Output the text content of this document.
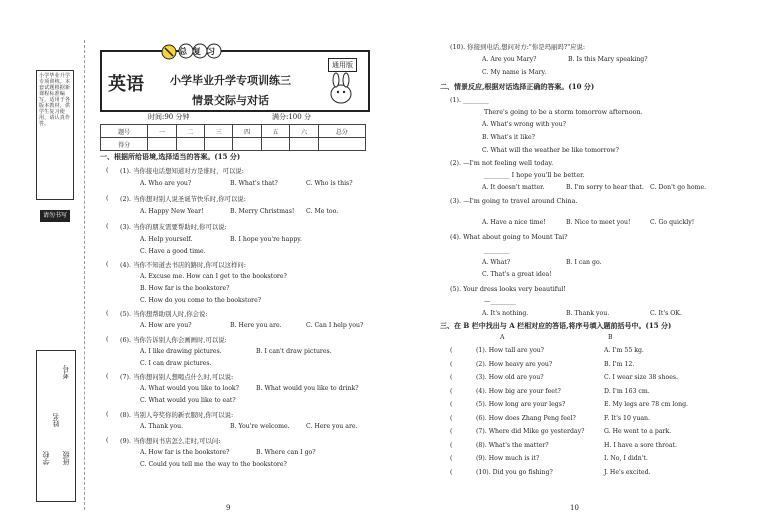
小学毕业升学专项训练。本套试题根据新课程标准编写，适用于各版本教材，供学生复习使用，请认真作答。
请勿书写
学校
姓名
班级
考号
总复习
英语 小学毕业升学专项训练三
情景交际与对话
通用版
时间:90 分钟	满分:100 分
题号	一	二	三	四	五	六	总分
得分							
一、根据所给语境,选择适当的答案。(15 分)
( (1). 当你接电话想知道对方是谁时，可以说:
A. Who are you?	B. What's that?	C. Who is this?
( (2). 当你想对别人说圣诞节快乐时,你可以说:
A. Happy New Year!	B. Merry Christmas! C. Me too.
( (3). 当你的朋友需要帮助时,你可以说:
A. Help yourself.	B. I hope you're happy.
C. Have a good time.
( (4). 当你不知道去书店的路时,你可以这样问:
A. Excuse me. How can I get to the bookstore?
B. How far is the bookstore?
C. How do you come to the bookstore?
( (5). 当你想帮助别人时,你会说:
A. How are you?	B. Here you are.	C. Can I help you?
( (6). 当你告诉别人你会画画时,可以说:
A. I like drawing pictures.	B. I can't draw pictures.
C. I can draw pictures.
( (7). 当你想问别人想喝点什么时,可以说:
A. What would you like to look?	B. What would you like to drink?
C. What would you like to eat?
( (8). 当别人夸奖你的新衣服时,你可以说:
A. Thank you.	B. You're welcome.	C. Here you are.
( (9). 当你想问书店怎么走时,可以问:
A. How far is the bookstore?	B. Where can I go?
C. Could you tell me the way to the bookstore?
9
(10). 你接到电话,想问对方:"你是玛丽吗?"应说:
A. Are you Mary?	B. Is this Mary speaking?
C. My name is Mary.
二、情景反应,根据对话选择正确的答案。(10 分)
(1). ________
There's going to be a storm tomorrow afternoon.
A. What's wrong with you?
B. What's it like?
C. What will the weather be like tomorrow?
(2). —I'm not feeling well today.
________ I hope you'll be better.
A. It doesn't matter.	B. I'm sorry to hear that. C. Don't go home.
(3). —I'm going to travel around China.
A. Have a nice time!	B. Nice to meet you!	C. Go quickly!
(4). What about going to Mount Tai?
________
A. What?	B. I can go.
C. That's a great idea!
(5). Your dress looks very beautiful!
—________
A. It's nothing.	B. Thank you.	C. It's OK.
三、在 B 栏中找出与 A 栏相对应的答语,将序号填入题前括号中。(15 分)
A	B
(	(1). How tall are you?	A. I'm 55 kg.
(	(2). How heavy are you?	B. I'm 12.
(	(3). How old are you?	C. I wear size 38 shoes.
(	(4). How big are your feet?	D. I'm 163 cm.
(	(5). How long are your legs?	E. My legs are 78 cm long.
(	(6). How does Zhang Peng feel?	F. It's 10 yuan.
(	(7). Where did Mike go yesterday?	G. He went to a park.
(	(8). What's the matter?	H. I have a sore throat.
(	(9). How much is it?	I. No, I didn't.
(	(10). Did you go fishing?	J. He's excited.
10
